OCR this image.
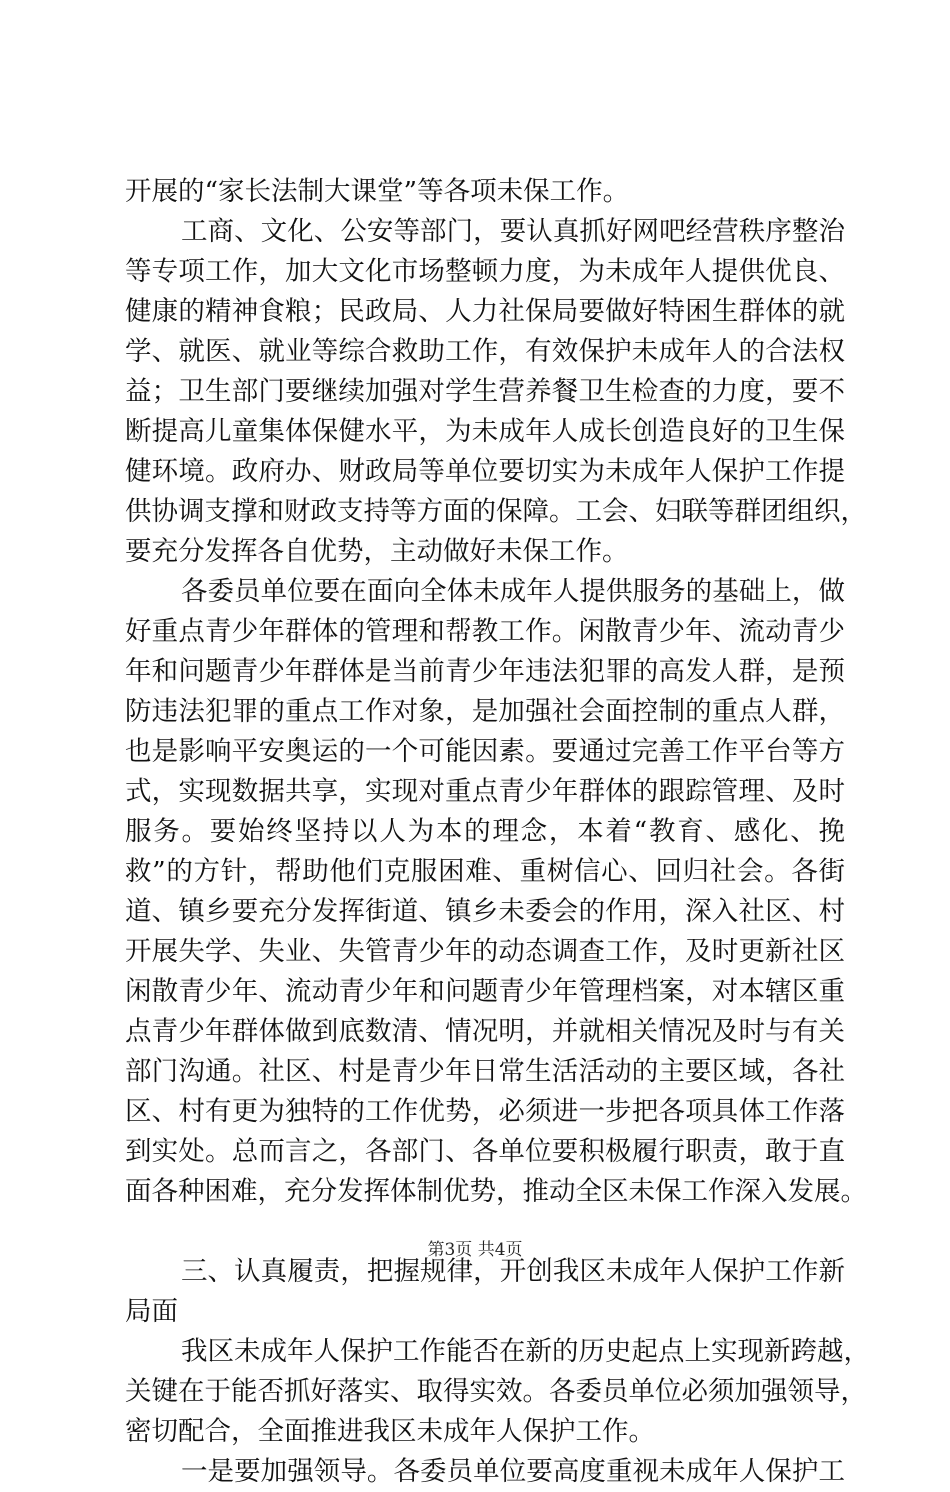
开展的“家长法制大课堂”等各项未保工作。
工商、文化、公安等部门，要认真抓好网吧经营秩序整治
等专项工作，加大文化市场整顿力度，为未成年人提供优良、
健康的精神食粮；民政局、人力社保局要做好特困生群体的就
学、就医、就业等综合救助工作，有效保护未成年人的合法权
益；卫生部门要继续加强对学生营养餐卫生检查的力度，要不
断提高儿童集体保健水平，为未成年人成长创造良好的卫生保
健环境。政府办、财政局等单位要切实为未成年人保护工作提
供协调支撑和财政支持等方面的保障。工会、妇联等群团组织，
要充分发挥各自优势，主动做好未保工作。
各委员单位要在面向全体未成年人提供服务的基础上，做
好重点青少年群体的管理和帮教工作。闲散青少年、流动青少
年和问题青少年群体是当前青少年违法犯罪的高发人群，是预
防违法犯罪的重点工作对象，是加强社会面控制的重点人群，
也是影响平安奥运的一个可能因素。要通过完善工作平台等方
式，实现数据共享，实现对重点青少年群体的跟踪管理、及时
服务。要始终坚持以人为本的理念，本着“教育、感化、挽
救”的方针，帮助他们克服困难、重树信心、回归社会。各街
道、镇乡要充分发挥街道、镇乡未委会的作用，深入社区、村
开展失学、失业、失管青少年的动态调查工作，及时更新社区
闲散青少年、流动青少年和问题青少年管理档案，对本辖区重
点青少年群体做到底数清、情况明，并就相关情况及时与有关
部门沟通。社区、村是青少年日常生活活动的主要区域，各社
区、村有更为独特的工作优势，必须进一步把各项具体工作落
到实处。总而言之，各部门、各单位要积极履行职责，敢于直
面各种困难，充分发挥体制优势，推动全区未保工作深入发展。
三、认真履责，把握规律，开创我区未成年人保护工作新
局面
我区未成年人保护工作能否在新的历史起点上实现新跨越，
关键在于能否抓好落实、取得实效。各委员单位必须加强领导，
密切配合，全面推进我区未成年人保护工作。
一是要加强领导。各委员单位要高度重视未成年人保护工
第3页 共4页
